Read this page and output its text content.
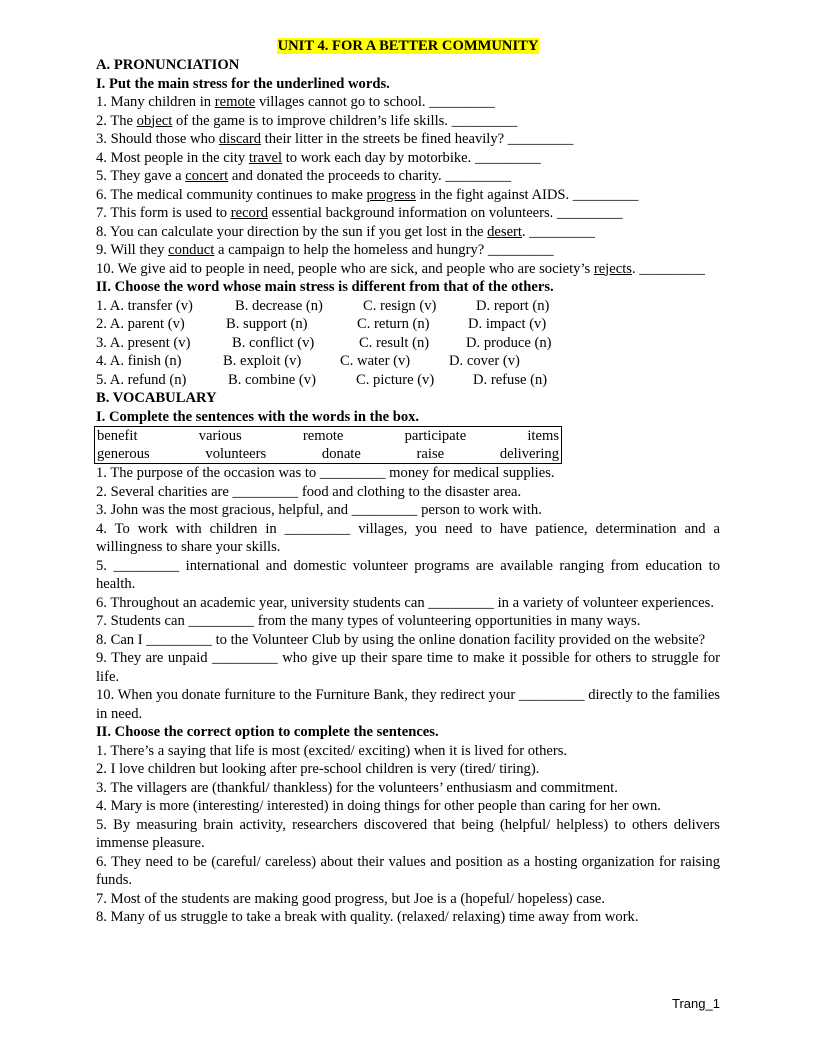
UNIT 4. FOR A BETTER COMMUNITY
A. PRONUNCIATION
I. Put the main stress for the underlined words.
1. Many children in remote villages cannot go to school. _________
2. The object of the game is to improve children’s life skills. _________
3. Should those who discard their litter in the streets be fined heavily? _________
4. Most people in the city travel to work each day by motorbike. _________
5. They gave a concert and donated the proceeds to charity. _________
6. The medical community continues to make progress in the fight against AIDS. _________
7. This form is used to record essential background information on volunteers. _________
8. You can calculate your direction by the sun if you get lost in the desert. _________
9. Will they conduct a campaign to help the homeless and hungry? _________
10. We give aid to people in need, people who are sick, and people who are society’s rejects. _________
II. Choose the word whose main stress is different from that of the others.
1. A. transfer (v)	B. decrease (n)	C. resign (v)	D. report (n)
2. A. parent (v)	B. support (n)	C. return (n)	D. impact (v)
3. A. present (v)	B. conflict (v)	C. result (n)	D. produce (n)
4. A. finish (n)	B. exploit (v)	C. water (v)	D. cover (v)
5. A. refund (n)	B. combine (v)	C. picture (v)	D. refuse (n)
B. VOCABULARY
I. Complete the sentences with the words in the box.
benefit	various	remote	participate	items
generous	volunteers	donate	raise	delivering
1. The purpose of the occasion was to _________ money for medical supplies.
2. Several charities are _________ food and clothing to the disaster area.
3. John was the most gracious, helpful, and _________ person to work with.
4. To work with children in _________ villages, you need to have patience, determination and a willingness to share your skills.
5. _________ international and domestic volunteer programs are available ranging from education to health.
6. Throughout an academic year, university students can _________ in a variety of volunteer experiences.
7. Students can _________ from the many types of volunteering opportunities in many ways.
8. Can I _________ to the Volunteer Club by using the online donation facility provided on the website?
9. They are unpaid _________ who give up their spare time to make it possible for others to struggle for life.
10. When you donate furniture to the Furniture Bank, they redirect your _________ directly to the families in need.
II. Choose the correct option to complete the sentences.
1. There’s a saying that life is most (excited/ exciting) when it is lived for others.
2. I love children but looking after pre-school children is very (tired/ tiring).
3. The villagers are (thankful/ thankless) for the volunteers’ enthusiasm and commitment.
4. Mary is more (interesting/ interested) in doing things for other people than caring for her own.
5. By measuring brain activity, researchers discovered that being (helpful/ helpless) to others delivers immense pleasure.
6. They need to be (careful/ careless) about their values and position as a hosting organization for raising funds.
7. Most of the students are making good progress, but Joe is a (hopeful/ hopeless) case.
8. Many of us struggle to take a break with quality. (relaxed/ relaxing) time away from work.
Trang_1
